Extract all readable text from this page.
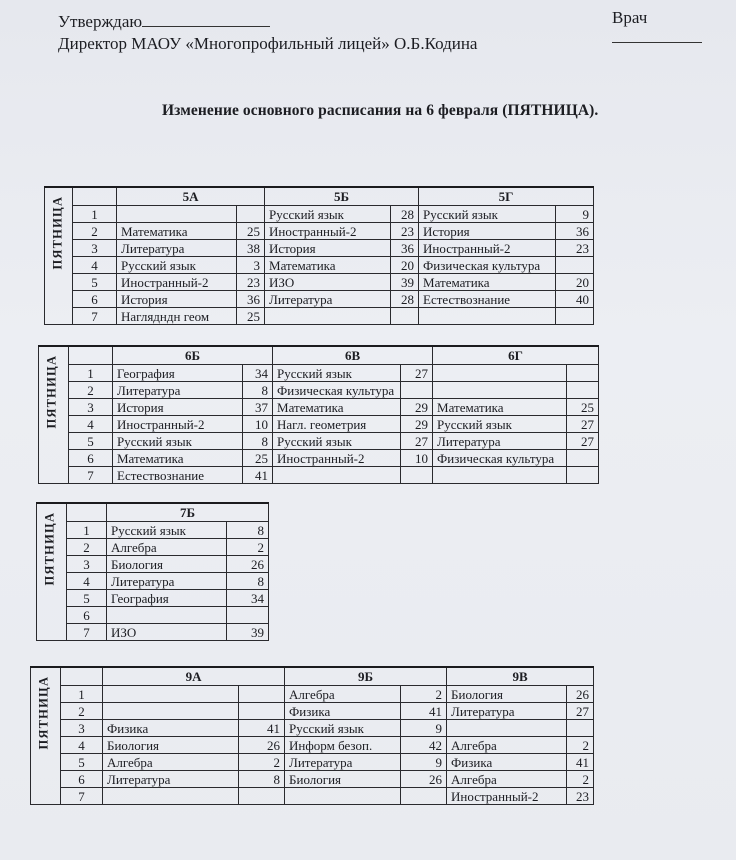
Утверждаю	Врач
Директор МАОУ «Многопрофильный лицей» О.Б.Кодина
Изменение основного расписания на 6 февраля (ПЯТНИЦА).
ПЯТНИЦА		5А		5Б		5Г	
	1			Русский язык	28	Русский язык	9
	2	Математика	25	Иностранный-2	23	История	36
	3	Литература	38	История	36	Иностранный-2	23
	4	Русский язык	3	Математика	20	Физическая культура	
	5	Иностранный-2	23	ИЗО	39	Математика	20
	6	История	36	Литература	28	Естествознание	40
	7	Наглядндн геом	25				
ПЯТНИЦА		6Б		6В		6Г	
	1	География	34	Русский язык	27		
	2	Литература	8	Физическая культура			
	3	История	37	Математика	29	Математика	25
	4	Иностранный-2	10	Нагл. геометрия	29	Русский язык	27
	5	Русский язык	8	Русский язык	27	Литература	27
	6	Математика	25	Иностранный-2	10	Физическая культура	
	7	Естествознание	41				
ПЯТНИЦА		7Б	
	1	Русский язык	8
	2	Алгебра	2
	3	Биология	26
	4	Литература	8
	5	География	34
	6		
	7	ИЗО	39
ПЯТНИЦА		9А		9Б		9В	
	1			Алгебра	2	Биология	26
	2			Физика	41	Литература	27
	3	Физика	41	Русский язык	9		
	4	Биология	26	Информ безоп.	42	Алгебра	2
	5	Алгебра	2	Литература	9	Физика	41
	6	Литература	8	Биология	26	Алгебра	2
	7					Иностранный-2	23
